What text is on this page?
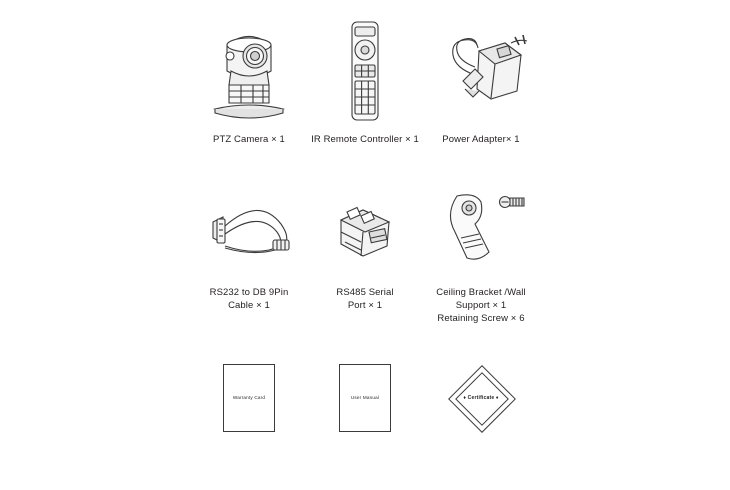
PTZ Camera × 1	IR Remote Controller × 1 Power Adapter× 1
RS232 to DB 9Pin
Cable × 1
RS485 Serial
Port × 1
Ceiling Bracket /Wall
Support × 1
Retaining Screw × 6
Warranty Card	User Manual	♦ Certificate ♦
